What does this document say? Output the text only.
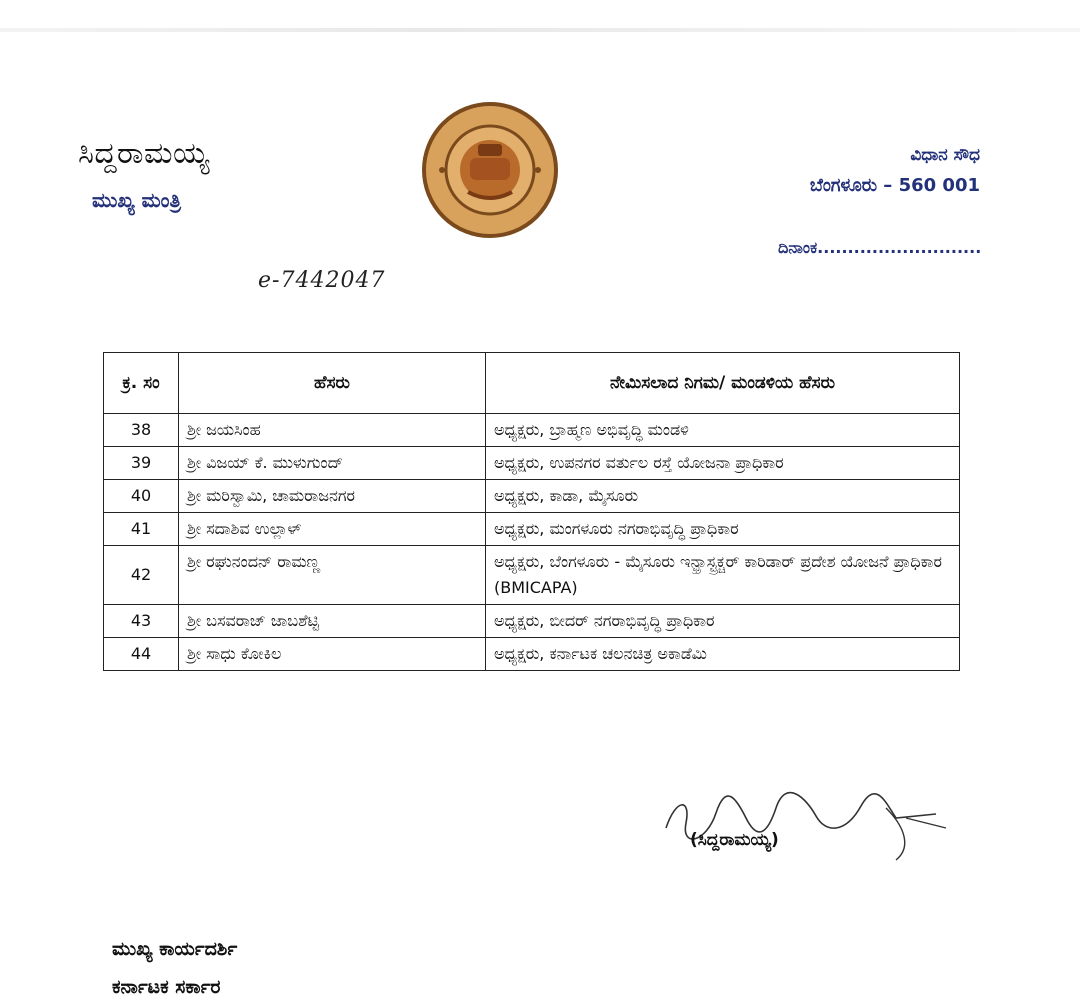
ಸಿದ್ದರಾಮಯ್ಯ
ಮುಖ್ಯ ಮಂತ್ರಿ
ವಿಧಾನ ಸೌಧ
ಬೆಂಗಳೂರು – 560 001
ದಿನಾಂಕ...........................
e-7442047
ಕ್ರ. ಸಂ	ಹೆಸರು	ನೇಮಿಸಲಾದ ನಿಗಮ/ ಮಂಡಳಿಯ ಹೆಸರು
38	ಶ್ರೀ ಜಯಸಿಂಹ	ಅಧ್ಯಕ್ಷರು, ಬ್ರಾಹ್ಮಣ ಅಭಿವೃದ್ಧಿ ಮಂಡಳಿ
39	ಶ್ರೀ ವಿಜಯ್ ಕೆ. ಮುಳುಗುಂದ್	ಅಧ್ಯಕ್ಷರು, ಉಪನಗರ ವರ್ತುಲ ರಸ್ತೆ ಯೋಜನಾ ಪ್ರಾಧಿಕಾರ
40	ಶ್ರೀ ಮರಿಸ್ವಾಮಿ, ಚಾಮರಾಜನಗರ	ಅಧ್ಯಕ್ಷರು, ಕಾಡಾ, ಮೈಸೂರು
41	ಶ್ರೀ ಸದಾಶಿವ ಉಲ್ಲಾಳ್	ಅಧ್ಯಕ್ಷರು, ಮಂಗಳೂರು ನಗರಾಭಿವೃದ್ಧಿ ಪ್ರಾಧಿಕಾರ
42	ಶ್ರೀ ರಘುನಂದನ್ ರಾಮಣ್ಣ	ಅಧ್ಯಕ್ಷರು, ಬೆಂಗಳೂರು - ಮೈಸೂರು ಇನ್ಫ್ರಾಸ್ಟ್ರಕ್ಚರ್ ಕಾರಿಡಾರ್ ಪ್ರದೇಶ ಯೋಜನೆ ಪ್ರಾಧಿಕಾರ (BMICAPA)
43	ಶ್ರೀ ಬಸವರಾಜ್ ಜಾಬಶೆಟ್ಟಿ	ಅಧ್ಯಕ್ಷರು, ಬೀದರ್ ನಗರಾಭಿವೃದ್ಧಿ ಪ್ರಾಧಿಕಾರ
44	ಶ್ರೀ ಸಾಧು ಕೋಕಿಲ	ಅಧ್ಯಕ್ಷರು, ಕರ್ನಾಟಕ ಚಲನಚಿತ್ರ ಅಕಾಡೆಮಿ
(ಸಿದ್ದರಾಮಯ್ಯ)
ಮುಖ್ಯ ಕಾರ್ಯದರ್ಶಿ
ಕರ್ನಾಟಕ ಸರ್ಕಾರ
